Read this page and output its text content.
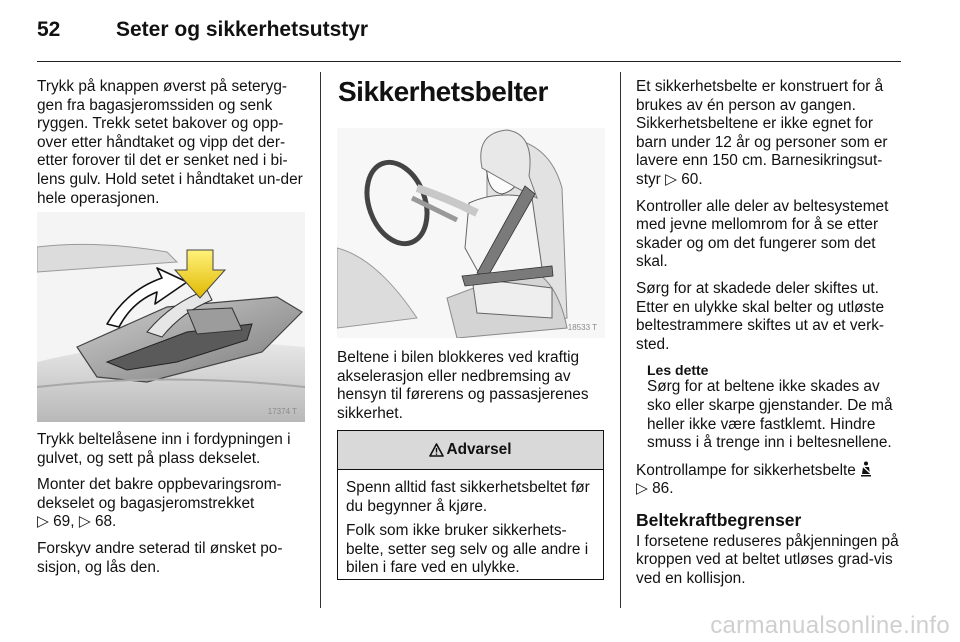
52	Seter og sikkerhetsutstyr

Trykk på knappen øverst på seteryg-gen fra bagasjeromssiden og senk ryggen. Trekk setet bakover og opp-over etter håndtaket og vipp det der-etter forover til det er senket ned i bi-lens gulv. Hold setet i håndtaket un-der hele operasjonen.

17374 T

Trykk beltelåsene inn i fordypningen i gulvet, og sett på plass dekselet.

Monter det bakre oppbevaringsrom-dekselet og bagasjeromstrekket
▷ 69, ▷ 68.

Forskyv andre seterad til ønsket po-sisjon, og lås den.

Sikkerhetsbelter
18533 T

Beltene i bilen blokkeres ved kraftig akselerasjon eller nedbremsing av hensyn til førerens og passasjerenes sikkerhet.

Advarsel

Spenn alltid fast sikkerhetsbeltet før du begynner å kjøre.

Folk som ikke bruker sikkerhets-belte, setter seg selv og alle andre i bilen i fare ved en ulykke.

Et sikkerhetsbelte er konstruert for å brukes av én person av gangen. Sikkerhetsbeltene er ikke egnet for barn under 12 år og personer som er lavere enn 150 cm. Barnesikringsut-styr ▷ 60.

Kontroller alle deler av beltesystemet med jevne mellomrom for å se etter skader og om det fungerer som det skal.

Sørg for at skadede deler skiftes ut. Etter en ulykke skal belter og utløste beltestrammere skiftes ut av et verk-sted.

Les dette

Sørg for at beltene ikke skades av sko eller skarpe gjenstander. De må heller ikke være fastklemt. Hindre smuss i å trenge inn i beltesnellene.

Kontrollampe for sikkerhetsbelte
▷ 86.

Beltekraftbegrenser

I forsetene reduseres påkjenningen på kroppen ved at beltet utløses grad-vis ved en kollisjon.

carmanualsonline.info
